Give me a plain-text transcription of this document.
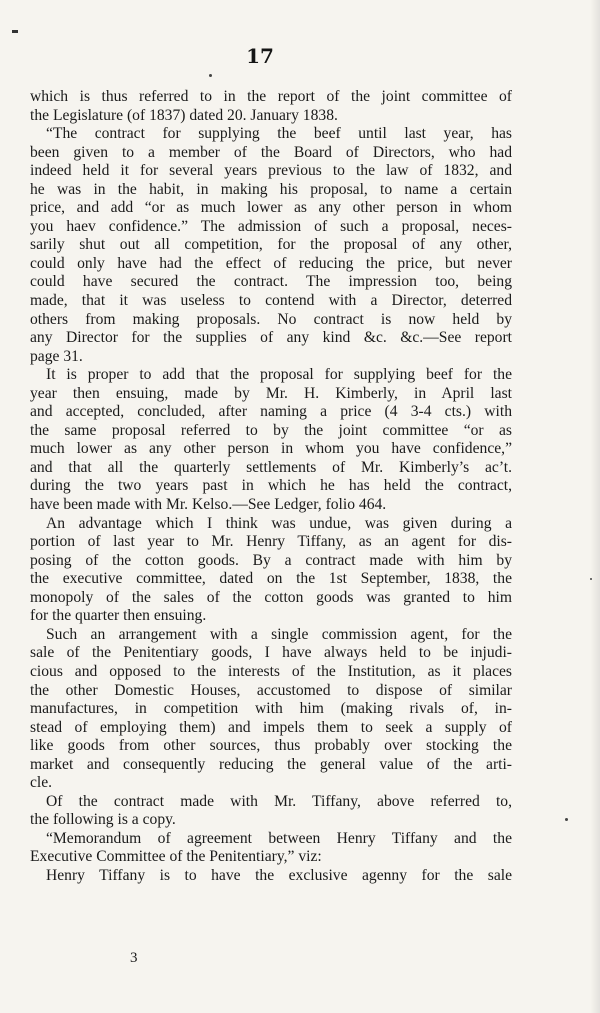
17
which is thus referred to in the report of the joint committee of
the Legislature (of 1837) dated 20. January 1838.
“The contract for supplying the beef until last year, has
been given to a member of the Board of Directors, who had
indeed held it for several years previous to the law of 1832, and
he was in the habit, in making his proposal, to name a certain
price, and add “or as much lower as any other person in whom
you haev confidence.” The admission of such a proposal, neces-
sarily shut out all competition, for the proposal of any other,
could only have had the effect of reducing the price, but never
could have secured the contract. The impression too, being
made, that it was useless to contend with a Director, deterred
others from making proposals. No contract is now held by
any Director for the supplies of any kind &c. &c.—See report
page 31.
It is proper to add that the proposal for supplying beef for the
year then ensuing, made by Mr. H. Kimberly, in April last
and accepted, concluded, after naming a price (4 3-4 cts.) with
the same proposal referred to by the joint committee “or as
much lower as any other person in whom you have confidence,”
and that all the quarterly settlements of Mr. Kimberly’s ac’t.
during the two years past in which he has held the contract,
have been made with Mr. Kelso.—See Ledger, folio 464.
An advantage which I think was undue, was given during a
portion of last year to Mr. Henry Tiffany, as an agent for dis-
posing of the cotton goods. By a contract made with him by
the executive committee, dated on the 1st September, 1838, the
monopoly of the sales of the cotton goods was granted to him
for the quarter then ensuing.
Such an arrangement with a single commission agent, for the
sale of the Penitentiary goods, I have always held to be injudi-
cious and opposed to the interests of the Institution, as it places
the other Domestic Houses, accustomed to dispose of similar
manufactures, in competition with him (making rivals of, in-
stead of employing them) and impels them to seek a supply of
like goods from other sources, thus probably over stocking the
market and consequently reducing the general value of the arti-
cle.
Of the contract made with Mr. Tiffany, above referred to,
the following is a copy.
“Memorandum of agreement between Henry Tiffany and the
Executive Committee of the Penitentiary,” viz:
Henry Tiffany is to have the exclusive agenny for the sale
3
